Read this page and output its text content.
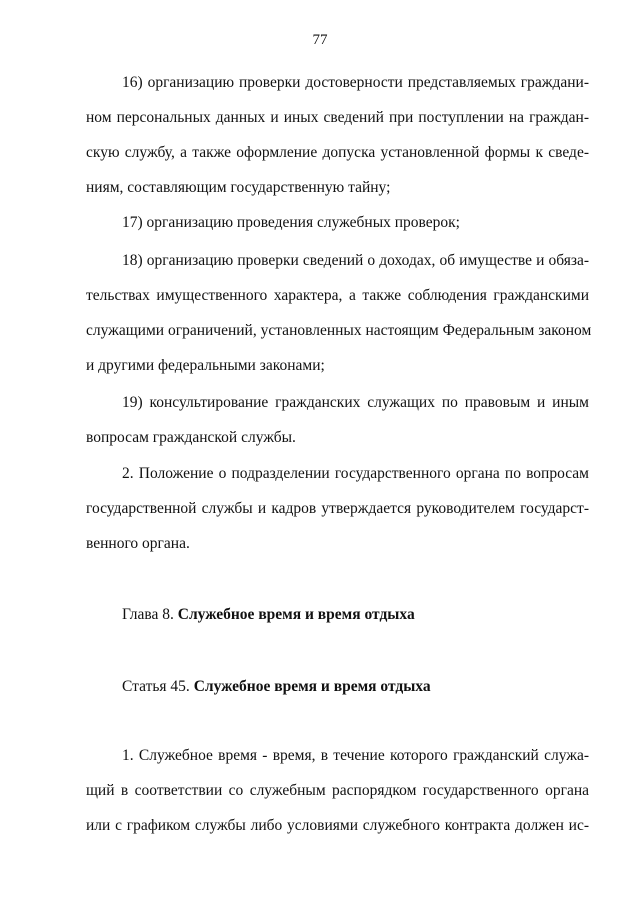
77
16) организацию проверки достоверности представляемых граждани-
ном персональных данных и иных сведений при поступлении на граждан-
скую службу, а также оформление допуска установленной формы к сведе-
ниям, составляющим государственную тайну;
17) организацию проведения служебных проверок;
18) организацию проверки сведений о доходах, об имуществе и обяза-
тельствах имущественного характера, а также соблюдения гражданскими
служащими ограничений, установленных настоящим Федеральным законом
и другими федеральными законами;
19) консультирование гражданских служащих по правовым и иным
вопросам гражданской службы.
2. Положение о подразделении государственного органа по вопросам
государственной службы и кадров утверждается руководителем государст-
венного органа.
Глава 8. Служебное время и время отдыха
Статья 45. Служебное время и время отдыха
1. Служебное время - время, в течение которого гражданский служа-
щий в соответствии со служебным распорядком государственного органа
или с графиком службы либо условиями служебного контракта должен ис-
